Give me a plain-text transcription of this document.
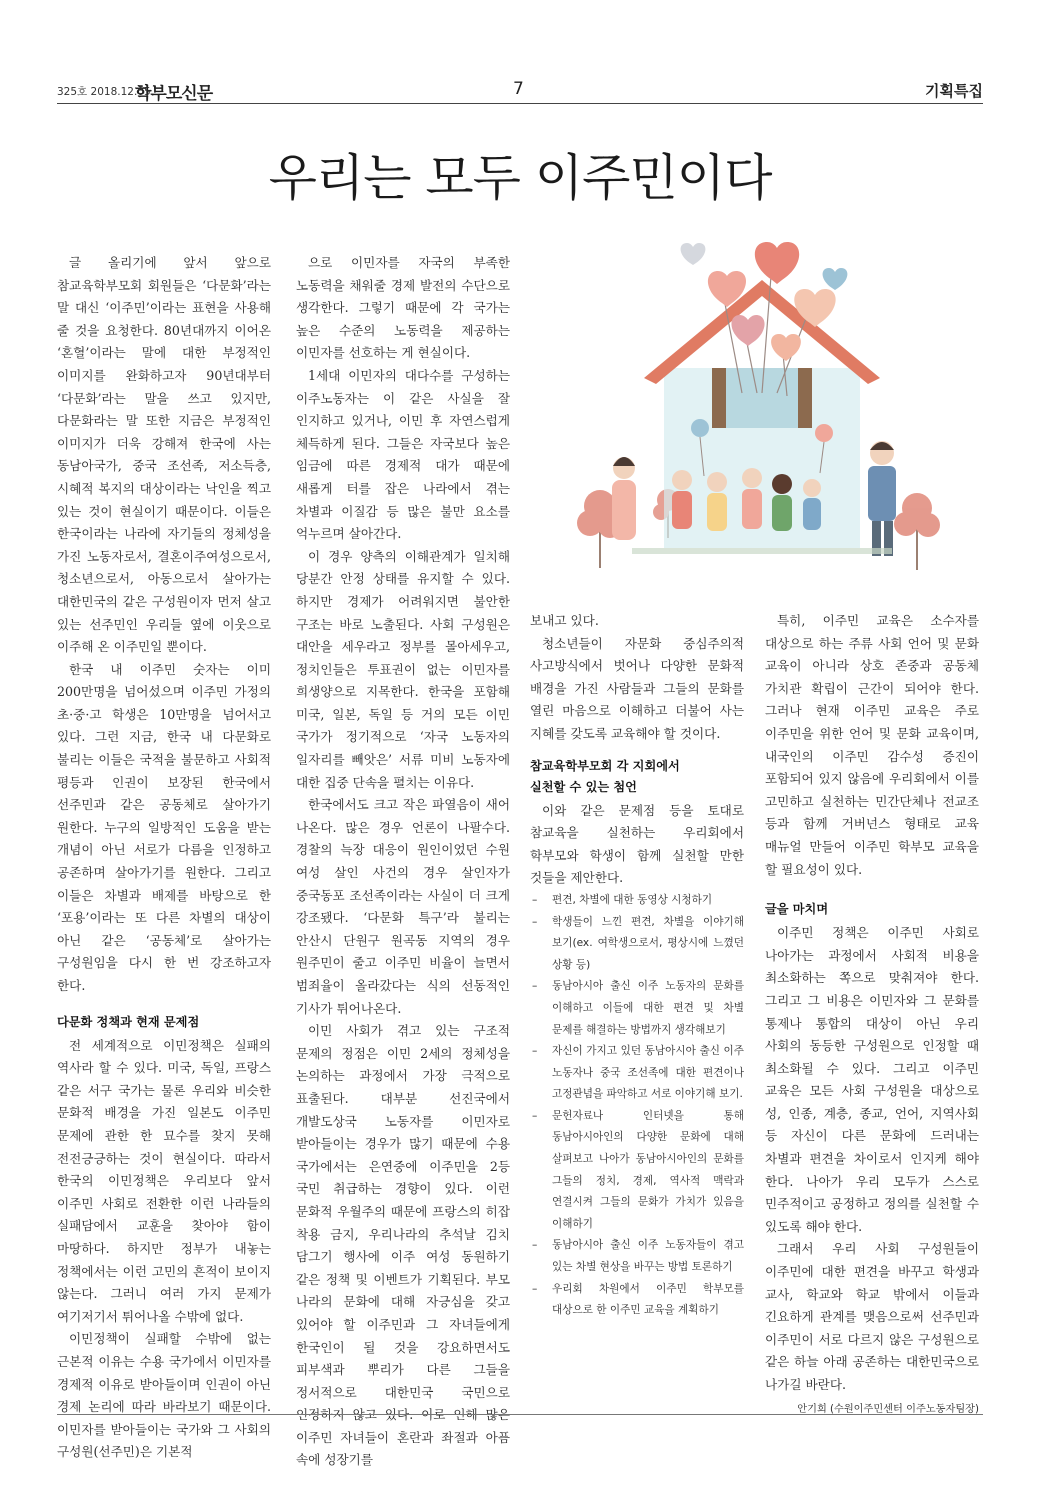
325호 2018.12.05.
학부모신문	7	기획특집
우리는 모두 이주민이다

글 올리기에 앞서 앞으로 참교육학부모회 회원들은 ‘다문화’라는 말 대신 ‘이주민’이라는 표현을 사용해 줄 것을 요청한다. 80년대까지 이어온 ‘혼혈’이라는 말에 대한 부정적인 이미지를 완화하고자 90년대부터 ‘다문화’라는 말을 쓰고 있지만, 다문화라는 말 또한 지금은 부정적인 이미지가 더욱 강해져 한국에 사는 동남아국가, 중국 조선족, 저소득층, 시혜적 복지의 대상이라는 낙인을 찍고 있는 것이 현실이기 때문이다. 이들은 한국이라는 나라에 자기들의 정체성을 가진 노동자로서, 결혼이주여성으로서, 청소년으로서, 아동으로서 살아가는 대한민국의 같은 구성원이자 먼저 살고 있는 선주민인 우리들 옆에 이웃으로 이주해 온 이주민일 뿐이다.

한국 내 이주민 숫자는 이미 200만명을 넘어섰으며 이주민 가정의 초·중·고 학생은 10만명을 넘어서고 있다. 그런 지금, 한국 내 다문화로 불리는 이들은 국적을 불문하고 사회적 평등과 인권이 보장된 한국에서 선주민과 같은 공동체로 살아가기 원한다. 누구의 일방적인 도움을 받는 개념이 아닌 서로가 다름을 인정하고 공존하며 살아가기를 원한다. 그리고 이들은 차별과 배제를 바탕으로 한 ‘포용’이라는 또 다른 차별의 대상이 아닌 같은 ‘공동체’로 살아가는 구성원임을 다시 한 번 강조하고자 한다.

다문화 정책과 현재 문제점

전 세계적으로 이민정책은 실패의 역사라 할 수 있다. 미국, 독일, 프랑스 같은 서구 국가는 물론 우리와 비슷한 문화적 배경을 가진 일본도 이주민 문제에 관한 한 묘수를 찾지 못해 전전긍긍하는 것이 현실이다. 따라서 한국의 이민정책은 우리보다 앞서 이주민 사회로 전환한 이런 나라들의 실패담에서 교훈을 찾아야 함이 마땅하다. 하지만 정부가 내놓는 정책에서는 이런 고민의 흔적이 보이지 않는다. 그러니 여러 가지 문제가 여기저기서 튀어나올 수밖에 없다.

이민정책이 실패할 수밖에 없는 근본적 이유는 수용 국가에서 이민자를 경제적 이유로 받아들이며 인권이 아닌 경제 논리에 따라 바라보기 때문이다. 이민자를 받아들이는 국가와 그 사회의 구성원(선주민)은 기본적

으로 이민자를 자국의 부족한 노동력을 채워줄 경제 발전의 수단으로 생각한다. 그렇기 때문에 각 국가는 높은 수준의 노동력을 제공하는 이민자를 선호하는 게 현실이다.

1세대 이민자의 대다수를 구성하는 이주노동자는 이 같은 사실을 잘 인지하고 있거나, 이민 후 자연스럽게 체득하게 된다. 그들은 자국보다 높은 임금에 따른 경제적 대가 때문에 새롭게 터를 잡은 나라에서 겪는 차별과 이질감 등 많은 불만 요소를 억누르며 살아간다.

이 경우 양측의 이해관계가 일치해 당분간 안정 상태를 유지할 수 있다. 하지만 경제가 어려워지면 불안한 구조는 바로 노출된다. 사회 구성원은 대안을 세우라고 정부를 몰아세우고, 정치인들은 투표권이 없는 이민자를 희생양으로 지목한다. 한국을 포함해 미국, 일본, 독일 등 거의 모든 이민 국가가 정기적으로 ‘자국 노동자의 일자리를 빼앗은’ 서류 미비 노동자에 대한 집중 단속을 펼치는 이유다.

한국에서도 크고 작은 파열음이 새어 나온다. 많은 경우 언론이 나팔수다. 경찰의 늑장 대응이 원인이었던 수원 여성 살인 사건의 경우 살인자가 중국동포 조선족이라는 사실이 더 크게 강조됐다. ‘다문화 특구’라 불리는 안산시 단원구 원곡동 지역의 경우 원주민이 줄고 이주민 비율이 늘면서 범죄율이 올라갔다는 식의 선동적인 기사가 튀어나온다.

이민 사회가 겪고 있는 구조적 문제의 정점은 이민 2세의 정체성을 논의하는 과정에서 가장 극적으로 표출된다. 대부분 선진국에서 개발도상국 노동자를 이민자로 받아들이는 경우가 많기 때문에 수용 국가에서는 은연중에 이주민을 2등 국민 취급하는 경향이 있다. 이런 문화적 우월주의 때문에 프랑스의 히잡 착용 금지, 우리나라의 추석날 김치 담그기 행사에 이주 여성 동원하기 같은 정책 및 이벤트가 기획된다. 부모 나라의 문화에 대해 자긍심을 갖고 있어야 할 이주민과 그 자녀들에게 한국인이 될 것을 강요하면서도 피부색과 뿌리가 다른 그들을 정서적으로 대한민국 국민으로 인정하지 않고 있다. 이로 인해 많은 이주민 자녀들이 혼란과 좌절과 아픔 속에 성장기를

보내고 있다.

청소년들이 자문화 중심주의적 사고방식에서 벗어나 다양한 문화적 배경을 가진 사람들과 그들의 문화를 열린 마음으로 이해하고 더불어 사는 지혜를 갖도록 교육해야 할 것이다.

참교육학부모회 각 지회에서
실천할 수 있는 첨언

이와 같은 문제점 등을 토대로 참교육을 실천하는 우리회에서 학부모와 학생이 함께 실천할 만한 것들을 제안한다.

– 편견, 차별에 대한 동영상 시청하기
– 학생들이 느낀 편견, 차별을 이야기해 보기(ex. 여학생으로서, 평상시에 느꼈던 상황 등)
– 동남아시아 출신 이주 노동자의 문화를 이해하고 이들에 대한 편견 및 차별 문제를 해결하는 방법까지 생각해보기
– 자신이 가지고 있던 동남아시아 출신 이주 노동자나 중국 조선족에 대한 편견이나 고정관념을 파악하고 서로 이야기해 보기.
– 문헌자료나 인터넷을 통해 동남아시아인의 다양한 문화에 대해 살펴보고 나아가 동남아시아인의 문화를 그들의 정치, 경제, 역사적 맥락과 연결시켜 그들의 문화가 가치가 있음을 이해하기
– 동남아시아 출신 이주 노동자들이 겪고 있는 차별 현상을 바꾸는 방법 토론하기
– 우리회 차원에서 이주민 학부모를 대상으로 한 이주민 교육을 계획하기

특히, 이주민 교육은 소수자를 대상으로 하는 주류 사회 언어 및 문화 교육이 아니라 상호 존중과 공동체 가치관 확립이 근간이 되어야 한다. 그러나 현재 이주민 교육은 주로 이주민을 위한 언어 및 문화 교육이며, 내국인의 이주민 감수성 증진이 포함되어 있지 않음에 우리회에서 이를 고민하고 실천하는 민간단체나 전교조 등과 함께 거버넌스 형태로 교육 매뉴얼 만들어 이주민 학부모 교육을 할 필요성이 있다.

글을 마치며

이주민 정책은 이주민 사회로 나아가는 과정에서 사회적 비용을 최소화하는 쪽으로 맞춰져야 한다. 그리고 그 비용은 이민자와 그 문화를 통제나 통합의 대상이 아닌 우리 사회의 동등한 구성원으로 인정할 때 최소화될 수 있다. 그리고 이주민 교육은 모든 사회 구성원을 대상으로 성, 인종, 계층, 종교, 언어, 지역사회 등 자신이 다른 문화에 드러내는 차별과 편견을 차이로서 인지케 해야 한다. 나아가 우리 모두가 스스로 민주적이고 공정하고 정의를 실천할 수 있도록 해야 한다.

그래서 우리 사회 구성원들이 이주민에 대한 편견을 바꾸고 학생과 교사, 학교와 학교 밖에서 이들과 긴요하게 관계를 맺음으로써 선주민과 이주민이 서로 다르지 않은 구성원으로 같은 하늘 아래 공존하는 대한민국으로 나가길 바란다.

안기희 (수원이주민센터 이주노동자팀장)
